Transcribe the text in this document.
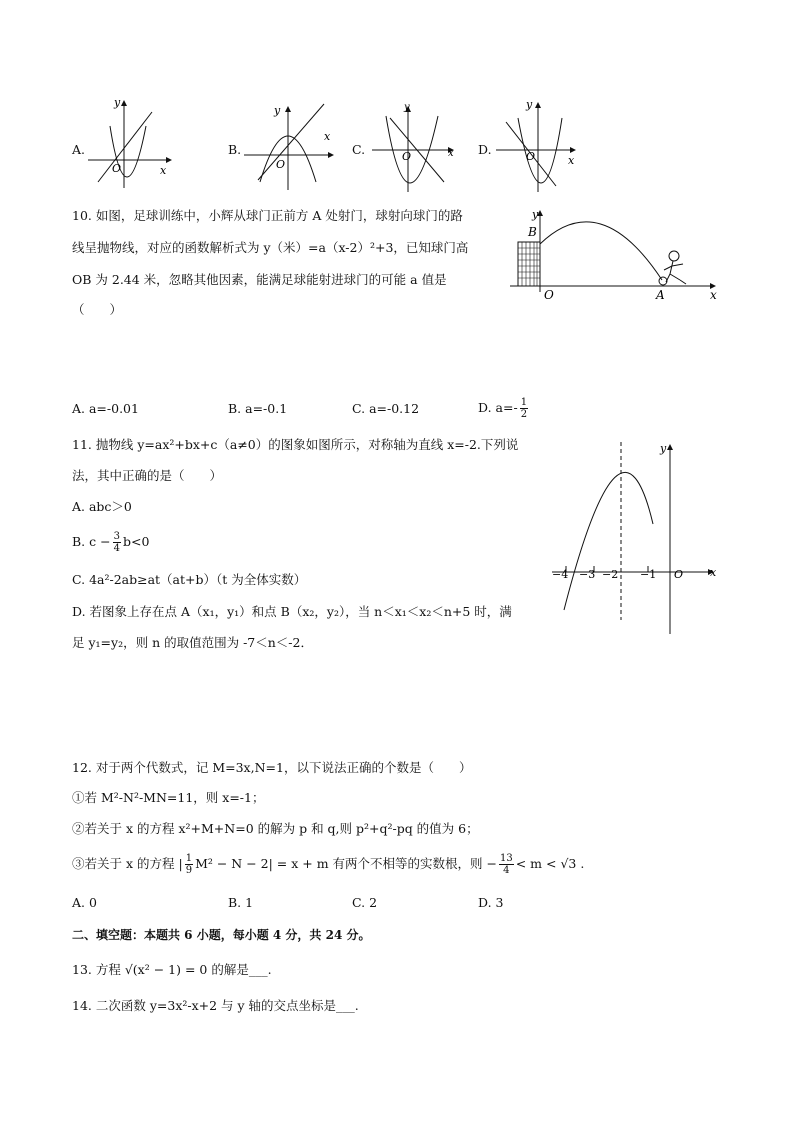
A.
y
x
O
B.
y
x
O
C.
y
x
O	D.
y
x
O
10. 如图，足球训练中，小辉从球门正前方 A 处射门，球射向球门的路
线呈抛物线，对应的函数解析式为 y（米）=a（x-2）²+3，已知球门高
OB 为 2.44 米，忽略其他因素，能满足球能射进球门的可能 a 值是
（　　）
B
y
O	A	x
A. a=-0.01	B. a=-0.1	C. a=-0.12	D. $a=- \frac{1}{2}$
11. 抛物线 y=ax²+bx+c（a≠0）的图象如图所示，对称轴为直线 x=-2.下列说
法，其中正确的是（　　）
A. abc＞0
B. $c - \frac{3}{4} b<0$
C. 4a²-2ab≥at（at+b）（t 为全体实数）
D. 若图象上存在点 A（x₁，y₁）和点 B（x₂，y₂），当 n＜x₁＜x₂＜n+5 时，满
足 y₁=y₂，则 n 的取值范围为 -7＜n＜-2．
−4 −3 −2 −1 O x
y
12. 对于两个代数式，记 M=3x,N=1，以下说法正确的个数是（　　）
①若 M²-N²-MN=11，则 x=-1；
②若关于 x 的方程 x²+M+N=0 的解为 p 和 q,则 p²+q²-pq 的值为 6；
③若关于 x 的方程 | $\frac{1}{9} M^2 - N - 2| = x + m$ 有两个不相等的实数根，则 − $\frac{13}{4} < m < √3$ .
A. 0	B. 1	C. 2	D. 3
二、填空题：本题共 6 小题，每小题 4 分，共 24 分。
13. 方程 √(x² − 1) = 0 的解是___.
14. 二次函数 y=3x²-x+2 与 y 轴的交点坐标是___.
